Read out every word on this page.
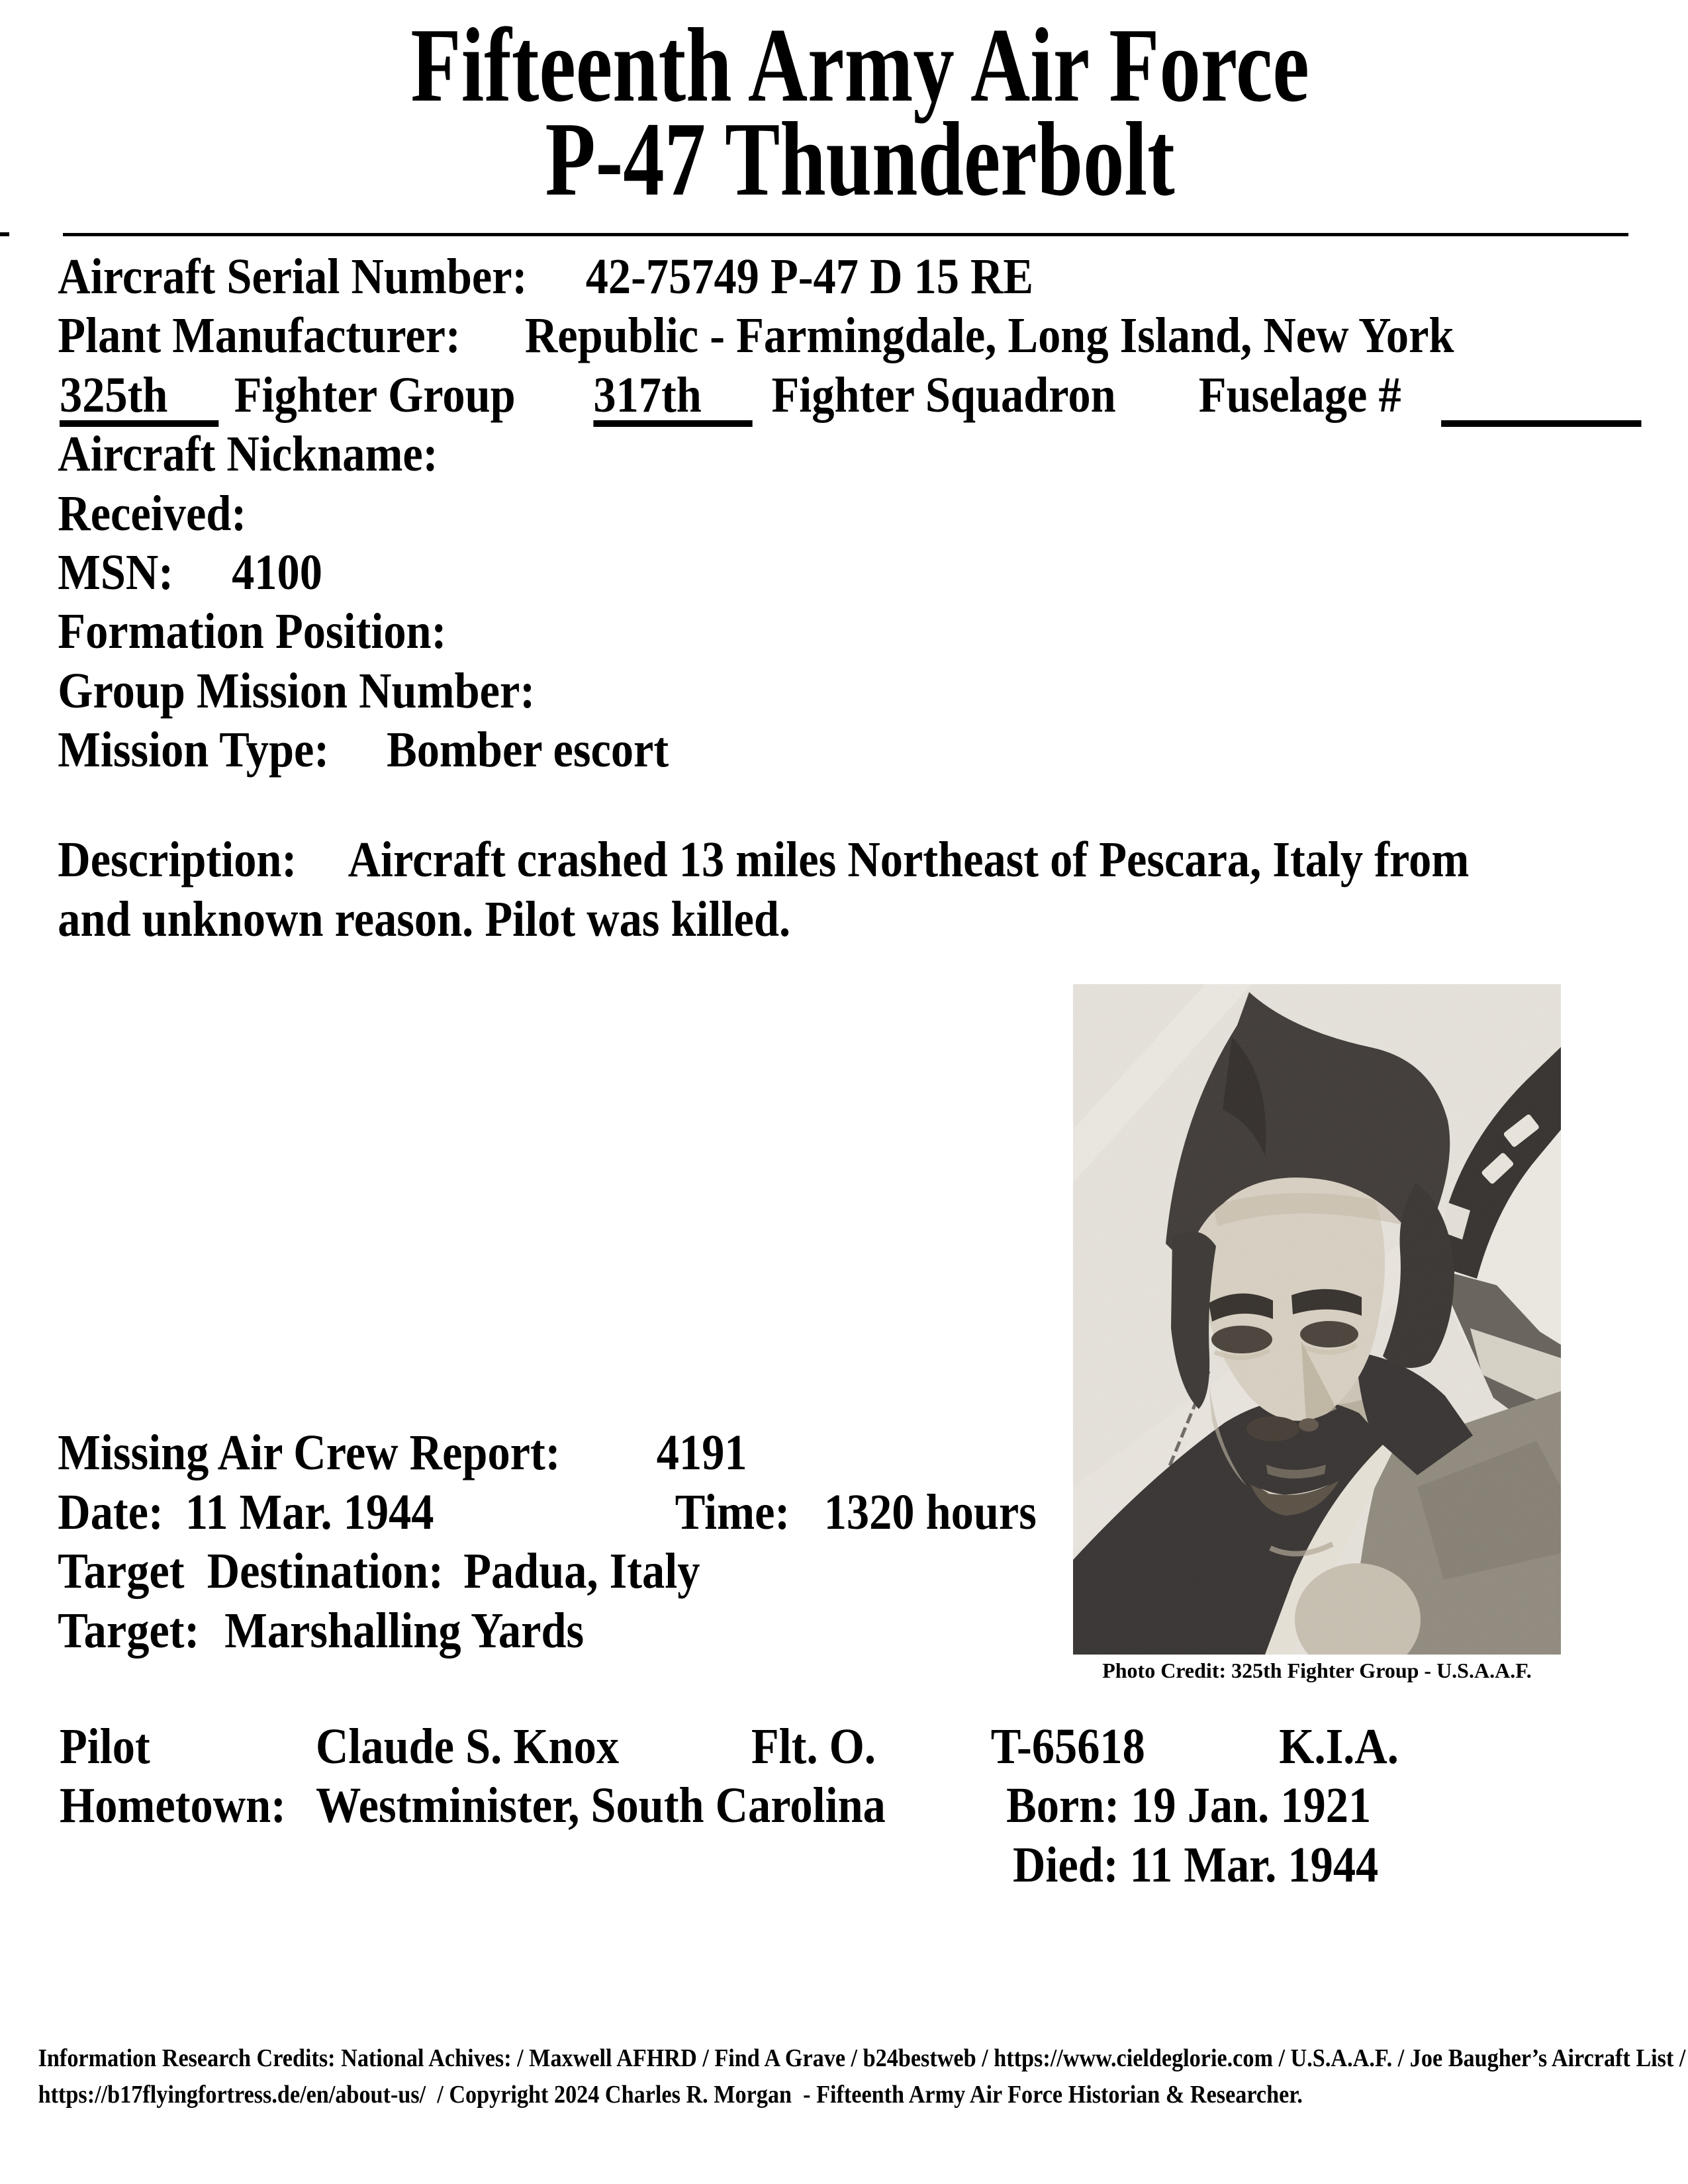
Fifteenth Army Air Force
P-47 Thunderbolt
Aircraft Serial Number: 42-75749 P-47 D 15 RE
Plant Manufacturer: Republic - Farmingdale, Long Island, New York
325th	Fighter Group 317th	Fighter Squadron Fuselage #
Aircraft Nickname:
Received:
MSN: 4100
Formation Position:
Group Mission Number:
Mission Type: Bomber escort
Description: Aircraft crashed 13 miles Northeast of Pescara, Italy from
and unknown reason. Pilot was killed.
Missing Air Crew Report: 4191
Date: 11 Mar. 1944	Time: 1320 hours
Target  Destination: Padua, Italy
Target: Marshalling Yards
Pilot	Claude S. Knox	Flt. O. T-65618	K.I.A.
Hometown: Westminister, South Carolina Born: 19 Jan. 1921
Died: 11 Mar. 1944
Information Research Credits: National Achives: / Maxwell AFHRD / Find A Grave / b24bestweb / https://www.cieldeglorie.com / U.S.A.A.F. / Joe Baugher’s Aircraft List /
https://b17flyingfortress.de/en/about-us/  / Copyright 2024 Charles R. Morgan  - Fifteenth Army Air Force Historian & Researcher.
Photo Credit: 325th Fighter Group - U.S.A.A.F.
